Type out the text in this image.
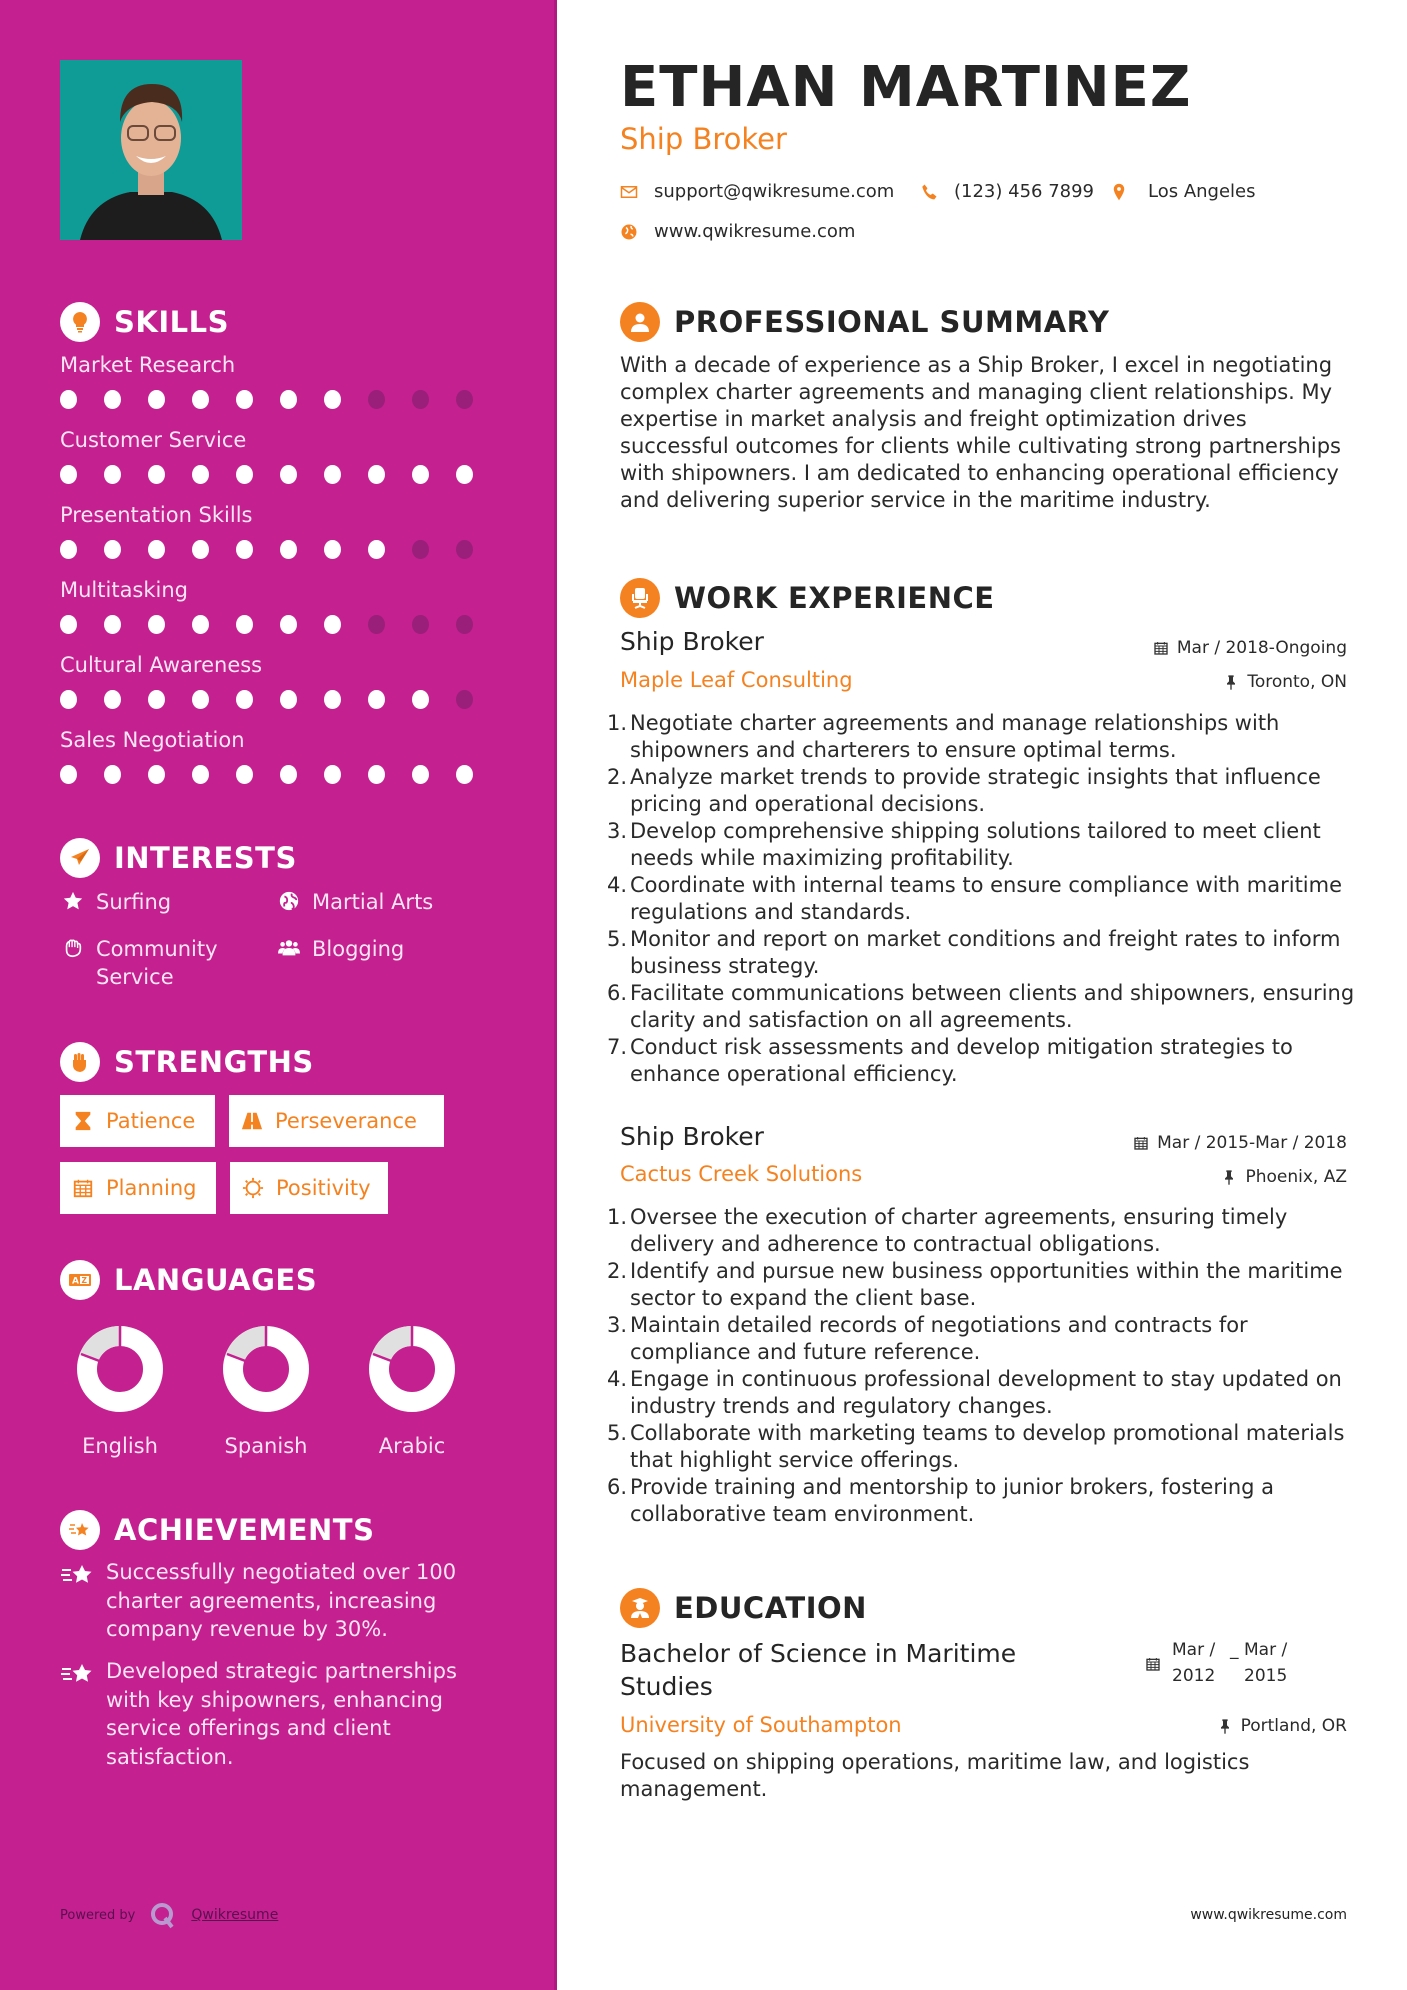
SKILLS
Market Research
Customer Service
Presentation Skills
Multitasking
Cultural Awareness
Sales Negotiation
INTERESTS
Surfing	Martial Arts
Community Service
Blogging
STRENGTHS
Patience	Perseverance
Planning	Positivity
A Z LANGUAGES
English	Spanish	Arabic
ACHIEVEMENTS
Successfully negotiated over 100 charter agreements, increasing company revenue by 30%.
Developed strategic partnerships with key shipowners, enhancing service offerings and client satisfaction.
Powered by	Qwikresume
ETHAN MARTINEZ
Ship Broker
support@qwikresume.com	(123) 456 7899	Los Angeles
www.qwikresume.com
PROFESSIONAL SUMMARY
With a decade of experience as a Ship Broker, I excel in negotiating complex charter agreements and managing client relationships. My expertise in market analysis and freight optimization drives successful outcomes for clients while cultivating strong partnerships with shipowners. I am dedicated to enhancing operational efficiency and delivering superior service in the maritime industry.
WORK EXPERIENCE
Ship Broker	Mar / 2018-Ongoing
Maple Leaf Consulting	Toronto, ON
1. Negotiate charter agreements and manage relationships with shipowners and charterers to ensure optimal terms.
2. Analyze market trends to provide strategic insights that influence pricing and operational decisions.
3. Develop comprehensive shipping solutions tailored to meet client needs while maximizing profitability.
4. Coordinate with internal teams to ensure compliance with maritime regulations and standards.
5. Monitor and report on market conditions and freight rates to inform business strategy.
6. Facilitate communications between clients and shipowners, ensuring clarity and satisfaction on all agreements.
7. Conduct risk assessments and develop mitigation strategies to enhance operational efficiency.
Ship Broker	Mar / 2015-Mar / 2018
Cactus Creek Solutions	Phoenix, AZ
1. Oversee the execution of charter agreements, ensuring timely delivery and adherence to contractual obligations.
2. Identify and pursue new business opportunities within the maritime sector to expand the client base.
3. Maintain detailed records of negotiations and contracts for compliance and future reference.
4. Engage in continuous professional development to stay updated on industry trends and regulatory changes.
5. Collaborate with marketing teams to develop promotional materials that highlight service offerings.
6. Provide training and mentorship to junior brokers, fostering a collaborative team environment.
EDUCATION
Bachelor of Science in Maritime Studies
Mar / 2012
_ Mar / 2015
University of Southampton	Portland, OR
Focused on shipping operations, maritime law, and logistics management.
www.qwikresume.com
